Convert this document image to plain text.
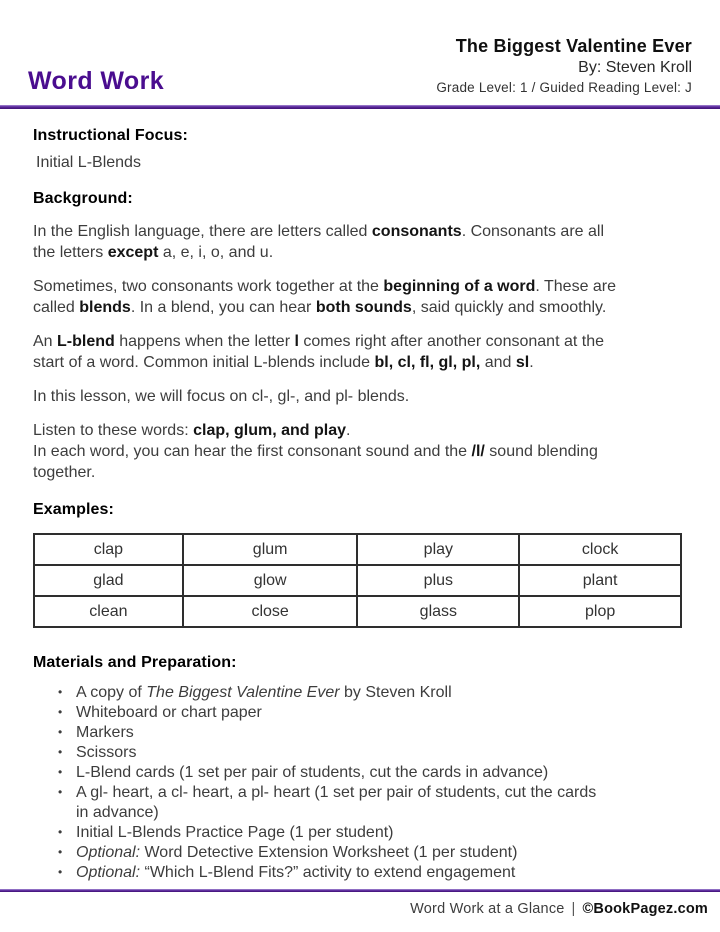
Word Work
The Biggest Valentine Ever
By: Steven Kroll
Grade Level: 1 / Guided Reading Level: J
Instructional Focus:
Initial L-Blends
Background:

In the English language, there are letters called consonants. Consonants are all
the letters except a, e, i, o, and u.

Sometimes, two consonants work together at the beginning of a word. These are
called blends. In a blend, you can hear both sounds, said quickly and smoothly.

An L-blend happens when the letter l comes right after another consonant at the
start of a word. Common initial L-blends include bl, cl, fl, gl, pl, and sl.

In this lesson, we will focus on cl-, gl-, and pl- blends.

Listen to these words: clap, glum, and play.
In each word, you can hear the first consonant sound and the /l/ sound blending
together.

Examples:
clap	glum	play	clock
glad	glow	plus	plant
clean	close	glass	plop
Materials and Preparation:
• A copy of The Biggest Valentine Ever by Steven Kroll
• Whiteboard or chart paper
• Markers
• Scissors
• L-Blend cards (1 set per pair of students, cut the cards in advance)
• A gl- heart, a cl- heart, a pl- heart (1 set per pair of students, cut the cards
in advance)
• Initial L-Blends Practice Page (1 per student)
• Optional: Word Detective Extension Worksheet (1 per student)
• Optional: “Which L-Blend Fits?” activity to extend engagement
Word Work at a Glance | ©BookPagez.com
